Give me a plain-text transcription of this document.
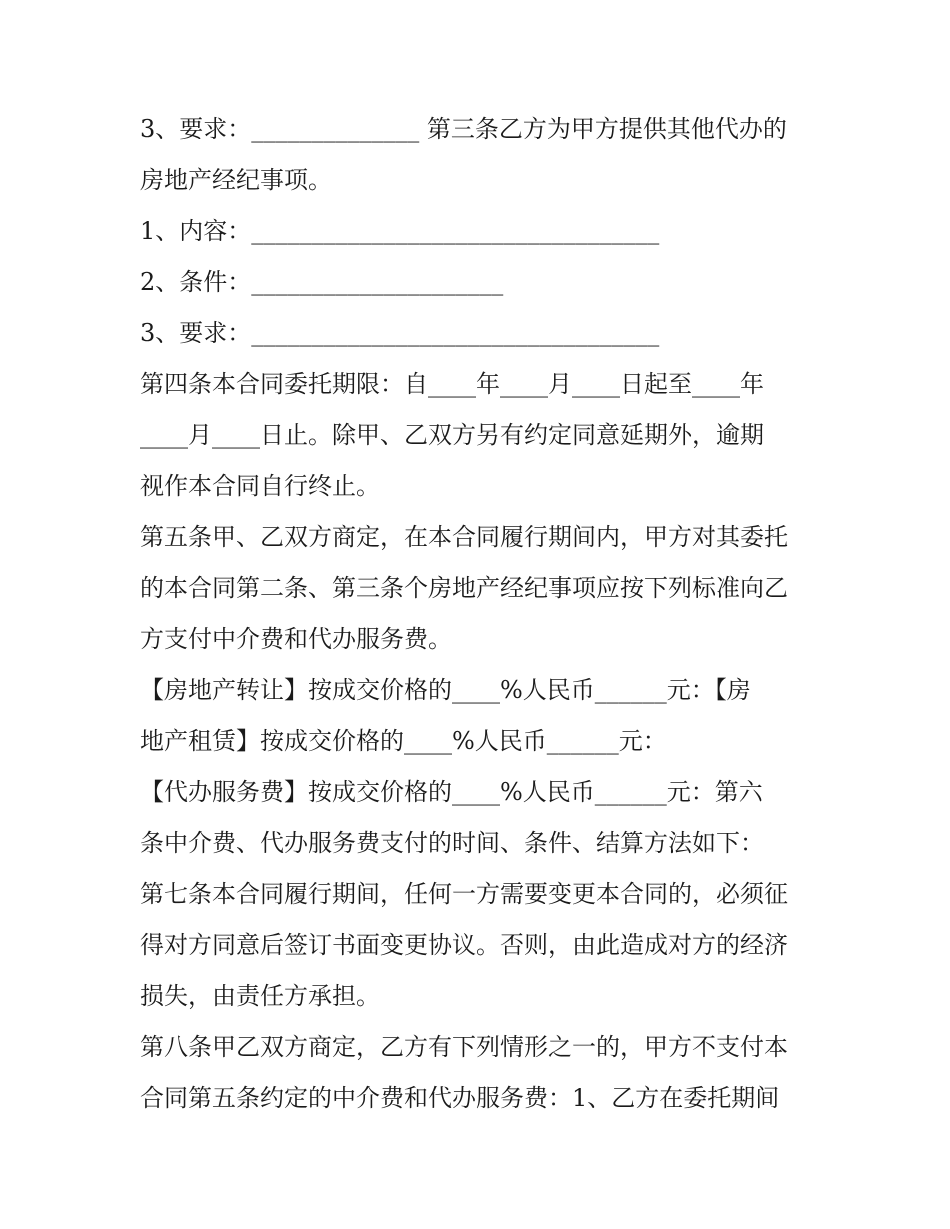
3、要求：______________ 第三条乙方为甲方提供其他代办的
房地产经纪事项。
1、内容：__________________________________
2、条件：_____________________
3、要求：__________________________________
第四条本合同委托期限：自____年____月____日起至____年
____月____日止。除甲、乙双方另有约定同意延期外，逾期
视作本合同自行终止。
第五条甲、乙双方商定，在本合同履行期间内，甲方对其委托
的本合同第二条、第三条个房地产经纪事项应按下列标准向乙
方支付中介费和代办服务费。
【房地产转让】按成交价格的____%人民币______元：【房
地产租赁】按成交价格的____%人民币______元：
【代办服务费】按成交价格的____%人民币______元：第六
条中介费、代办服务费支付的时间、条件、结算方法如下：
第七条本合同履行期间，任何一方需要变更本合同的，必须征
得对方同意后签订书面变更协议。否则，由此造成对方的经济
损失，由责任方承担。
第八条甲乙双方商定，乙方有下列情形之一的，甲方不支付本
合同第五条约定的中介费和代办服务费：1、乙方在委托期间
